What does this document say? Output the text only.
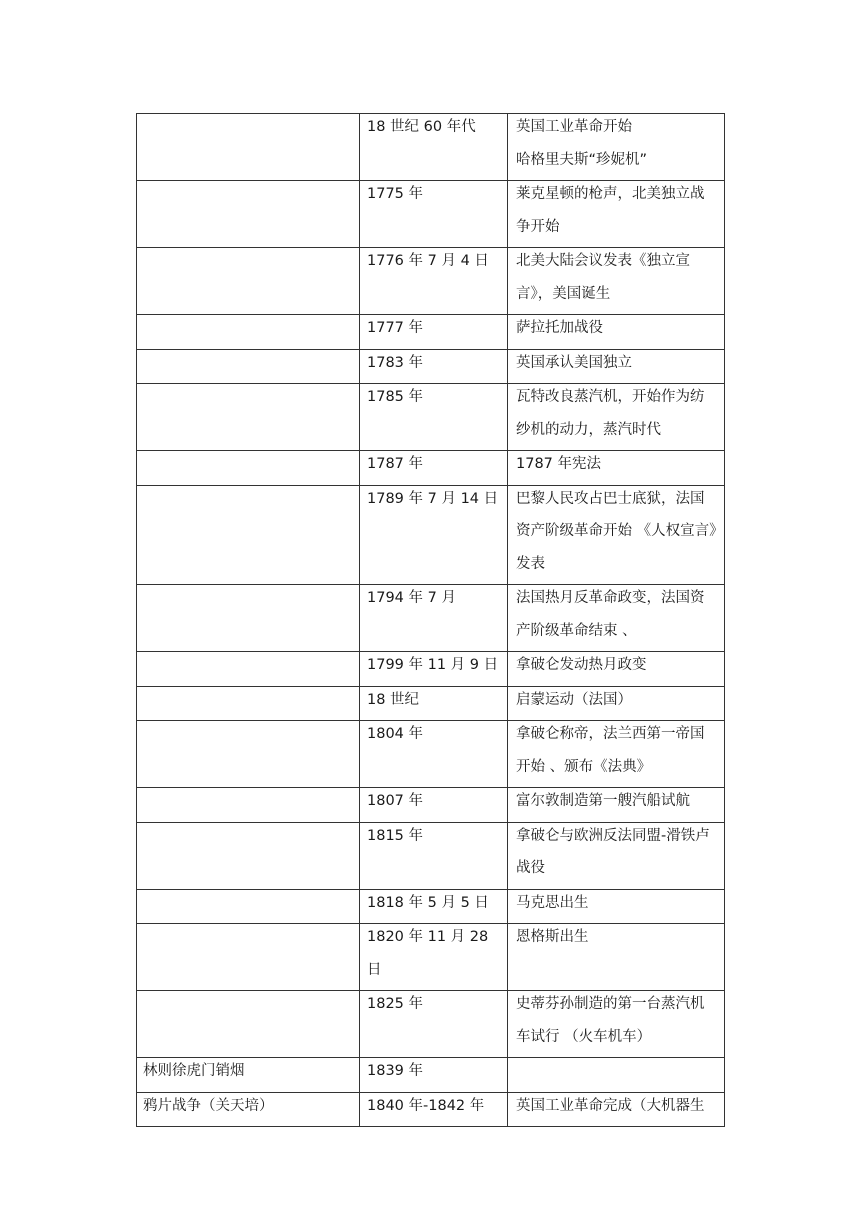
	18 世纪 60 年代	英国工业革命开始
哈格里夫斯“珍妮机”

	1775 年	莱克星顿的枪声，北美独立战争开始

	1776 年 7 月 4 日	北美大陆会议发表《独立宣言》，美国诞生

	1777 年	萨拉托加战役

	1783 年	英国承认美国独立

	1785 年	瓦特改良蒸汽机，开始作为纺纱机的动力，蒸汽时代

	1787 年	1787 年宪法

	1789 年 7 月 14 日	巴黎人民攻占巴士底狱，法国资产阶级革命开始 《人权宣言》发表

	1794 年 7 月	法国热月反革命政变，法国资产阶级革命结束 、

	1799 年 11 月 9 日	拿破仑发动热月政变

	18 世纪	启蒙运动（法国）

	1804 年	拿破仑称帝，法兰西第一帝国开始 、颁布《法典》

	1807 年	富尔敦制造第一艘汽船试航

	1815 年	拿破仑与欧洲反法同盟-滑铁卢战役

	1818 年 5 月 5 日	马克思出生

	1820 年 11 月 28 日	恩格斯出生

	1825 年	史蒂芬孙制造的第一台蒸汽机车试行 （火车机车）

林则徐虎门销烟	1839 年	

鸦片战争（关天培）	1840 年-1842 年	英国工业革命完成（大机器生
